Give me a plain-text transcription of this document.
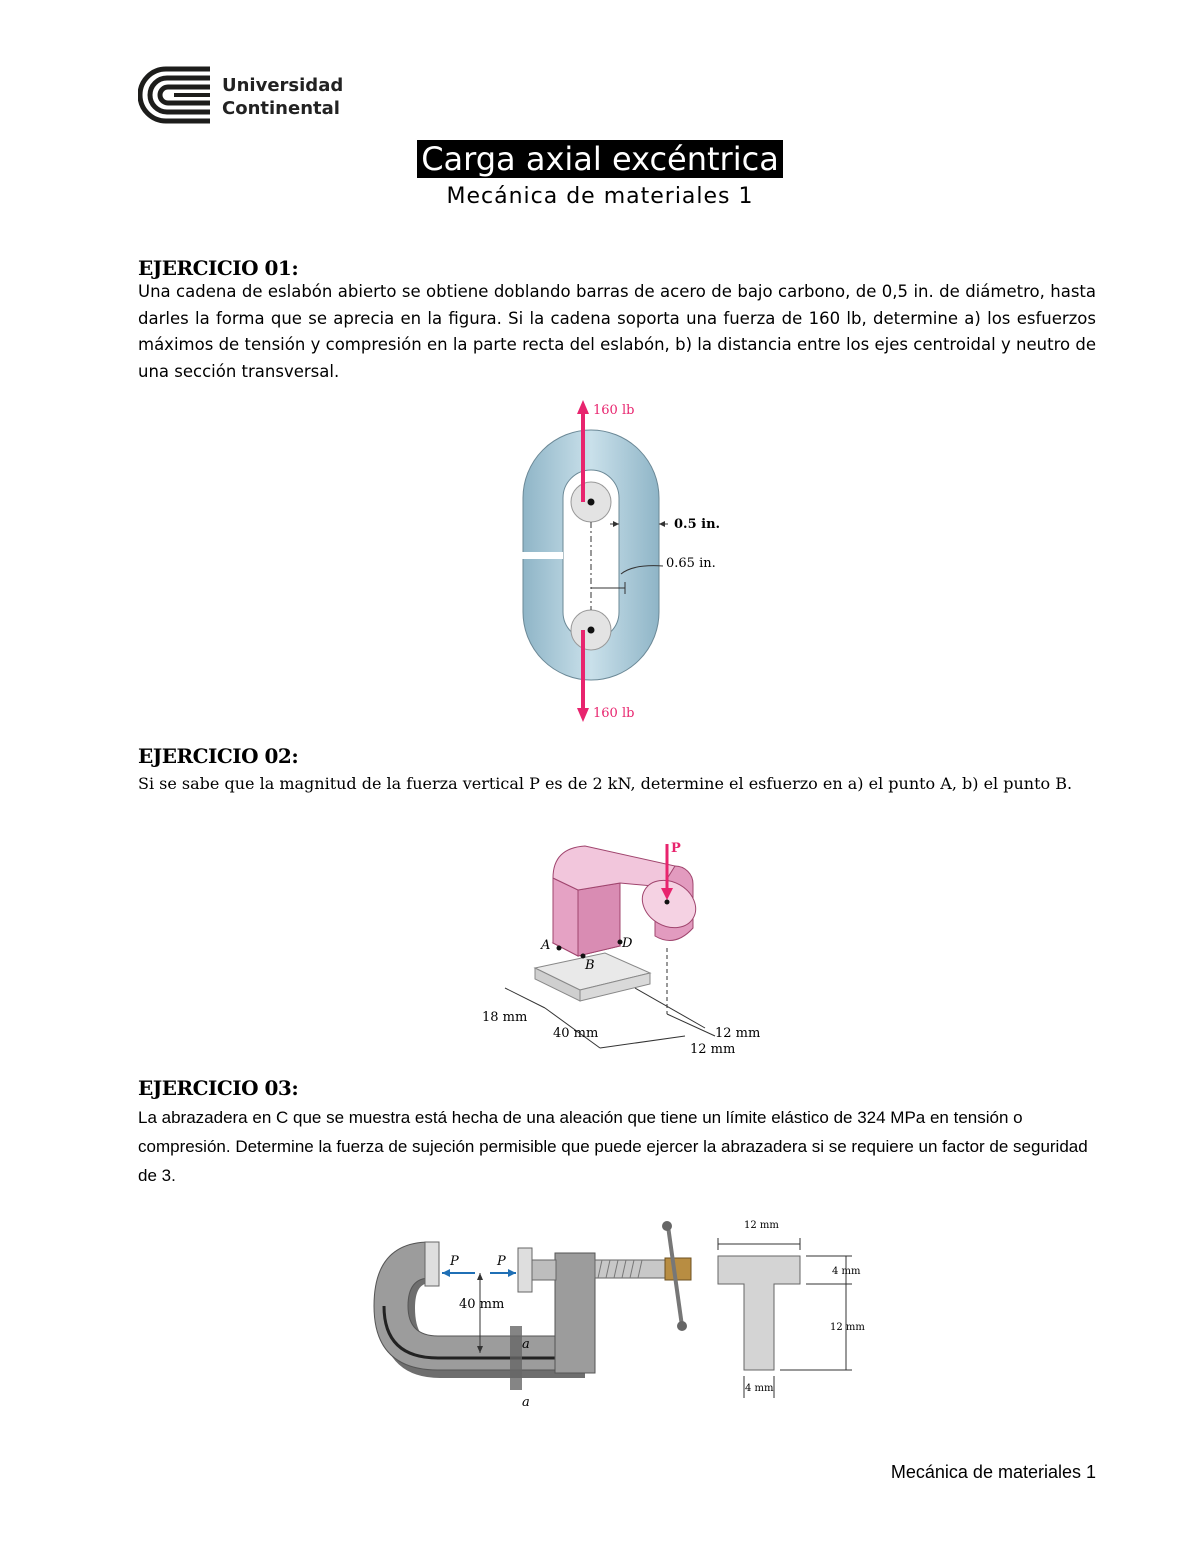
Universidad
Continental
Carga axial excéntrica
Mecánica de materiales 1
EJERCICIO 01:
Una cadena de eslabón abierto se obtiene doblando barras de acero de bajo carbono, de 0,5 in. de diámetro, hasta darles la forma que se aprecia en la figura. Si la cadena soporta una fuerza de 160 lb, determine a) los esfuerzos máximos de tensión y compresión en la parte recta del eslabón, b) la distancia entre los ejes centroidal y neutro de una sección transversal.
160 lb
160 lb
0.5 in.
0.65 in.
EJERCICIO 02:
Si se sabe que la magnitud de la fuerza vertical P es de 2 kN, determine el esfuerzo en a) el punto A, b) el punto B.
P
A
B
D
18 mm
40 mm	12 mm
12 mm
EJERCICIO 03:
La abrazadera en C que se muestra está hecha de una aleación que tiene un límite elástico de 324 MPa en tensión o compresión. Determine la fuerza de sujeción permisible que puede ejercer la abrazadera si se requiere un factor de seguridad de 3.
P	P
40 mm
a
a
12 mm
4 mm
12 mm
4 mm
Mecánica de materiales 1
